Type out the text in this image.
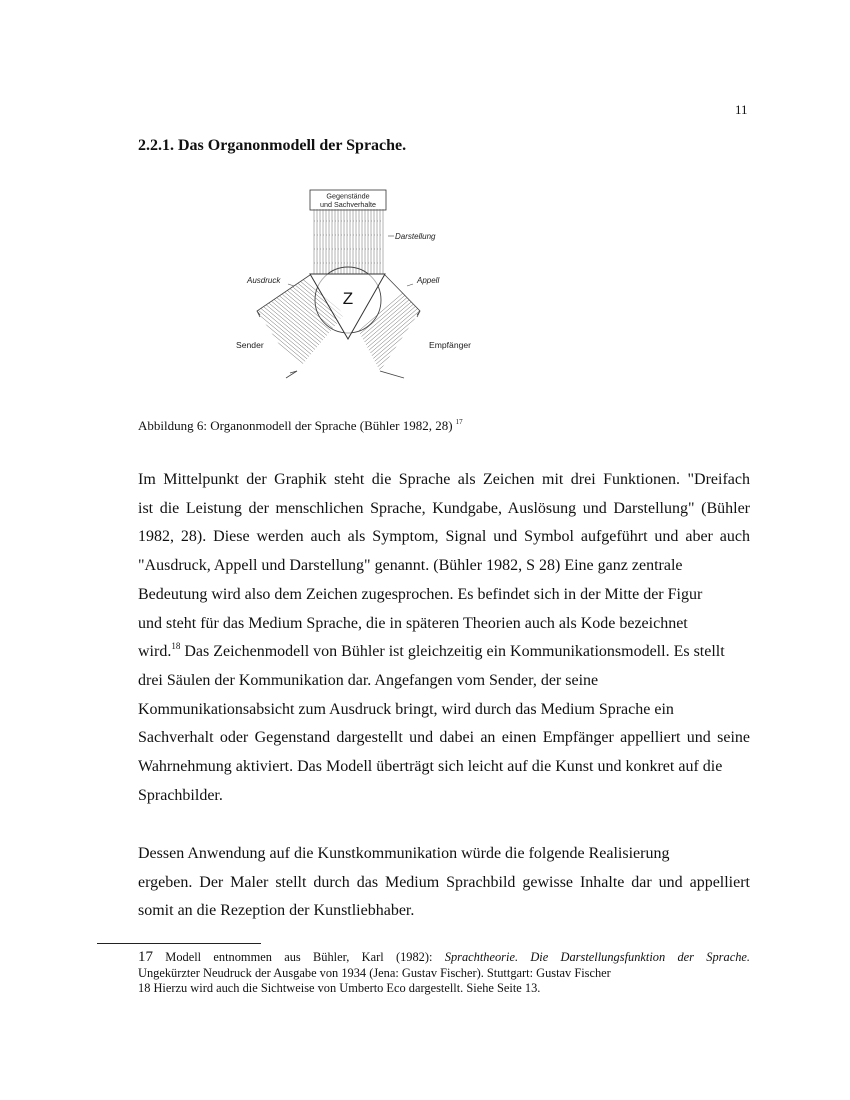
11
2.2.1. Das Organonmodell der Sprache.
Gegenstände
und Sachverhalte
Z
Darstellung
Ausdruck	Appell
Sender	Empfänger
Abbildung 6: Organonmodell der Sprache (Bühler 1982, 28) $^{17}$
Im Mittelpunkt der Graphik steht die Sprache als Zeichen mit drei Funktionen. "Dreifach
ist die Leistung der menschlichen Sprache, Kundgabe, Auslösung und Darstellung" (Bühler
1982, 28). Diese werden auch als Symptom, Signal und Symbol aufgeführt und aber auch
"Ausdruck, Appell und Darstellung" genannt. (Bühler 1982, S 28) Eine ganz zentrale
Bedeutung wird also dem Zeichen zugesprochen. Es befindet sich in der Mitte der Figur
und steht für das Medium Sprache, die in späteren Theorien auch als Kode bezeichnet
wird.$^{18}$ Das Zeichenmodell von Bühler ist gleichzeitig ein Kommunikationsmodell. Es stellt
drei Säulen der Kommunikation dar. Angefangen vom Sender, der seine
Kommunikationsabsicht zum Ausdruck bringt, wird durch das Medium Sprache ein
Sachverhalt oder Gegenstand dargestellt und dabei an einen Empfänger appelliert und seine
Wahrnehmung aktiviert. Das Modell überträgt sich leicht auf die Kunst und konkret auf die
Sprachbilder.
Dessen Anwendung auf die Kunstkommunikation würde die folgende Realisierung
ergeben. Der Maler stellt durch das Medium Sprachbild gewisse Inhalte dar und appelliert
somit an die Rezeption der Kunstliebhaber.
17 Modell entnommen aus Bühler, Karl (1982): Sprachtheorie. Die Darstellungsfunktion der Sprache.
Ungekürzter Neudruck der Ausgabe von 1934 (Jena: Gustav Fischer). Stuttgart: Gustav Fischer
18 Hierzu wird auch die Sichtweise von Umberto Eco dargestellt. Siehe Seite 13.
